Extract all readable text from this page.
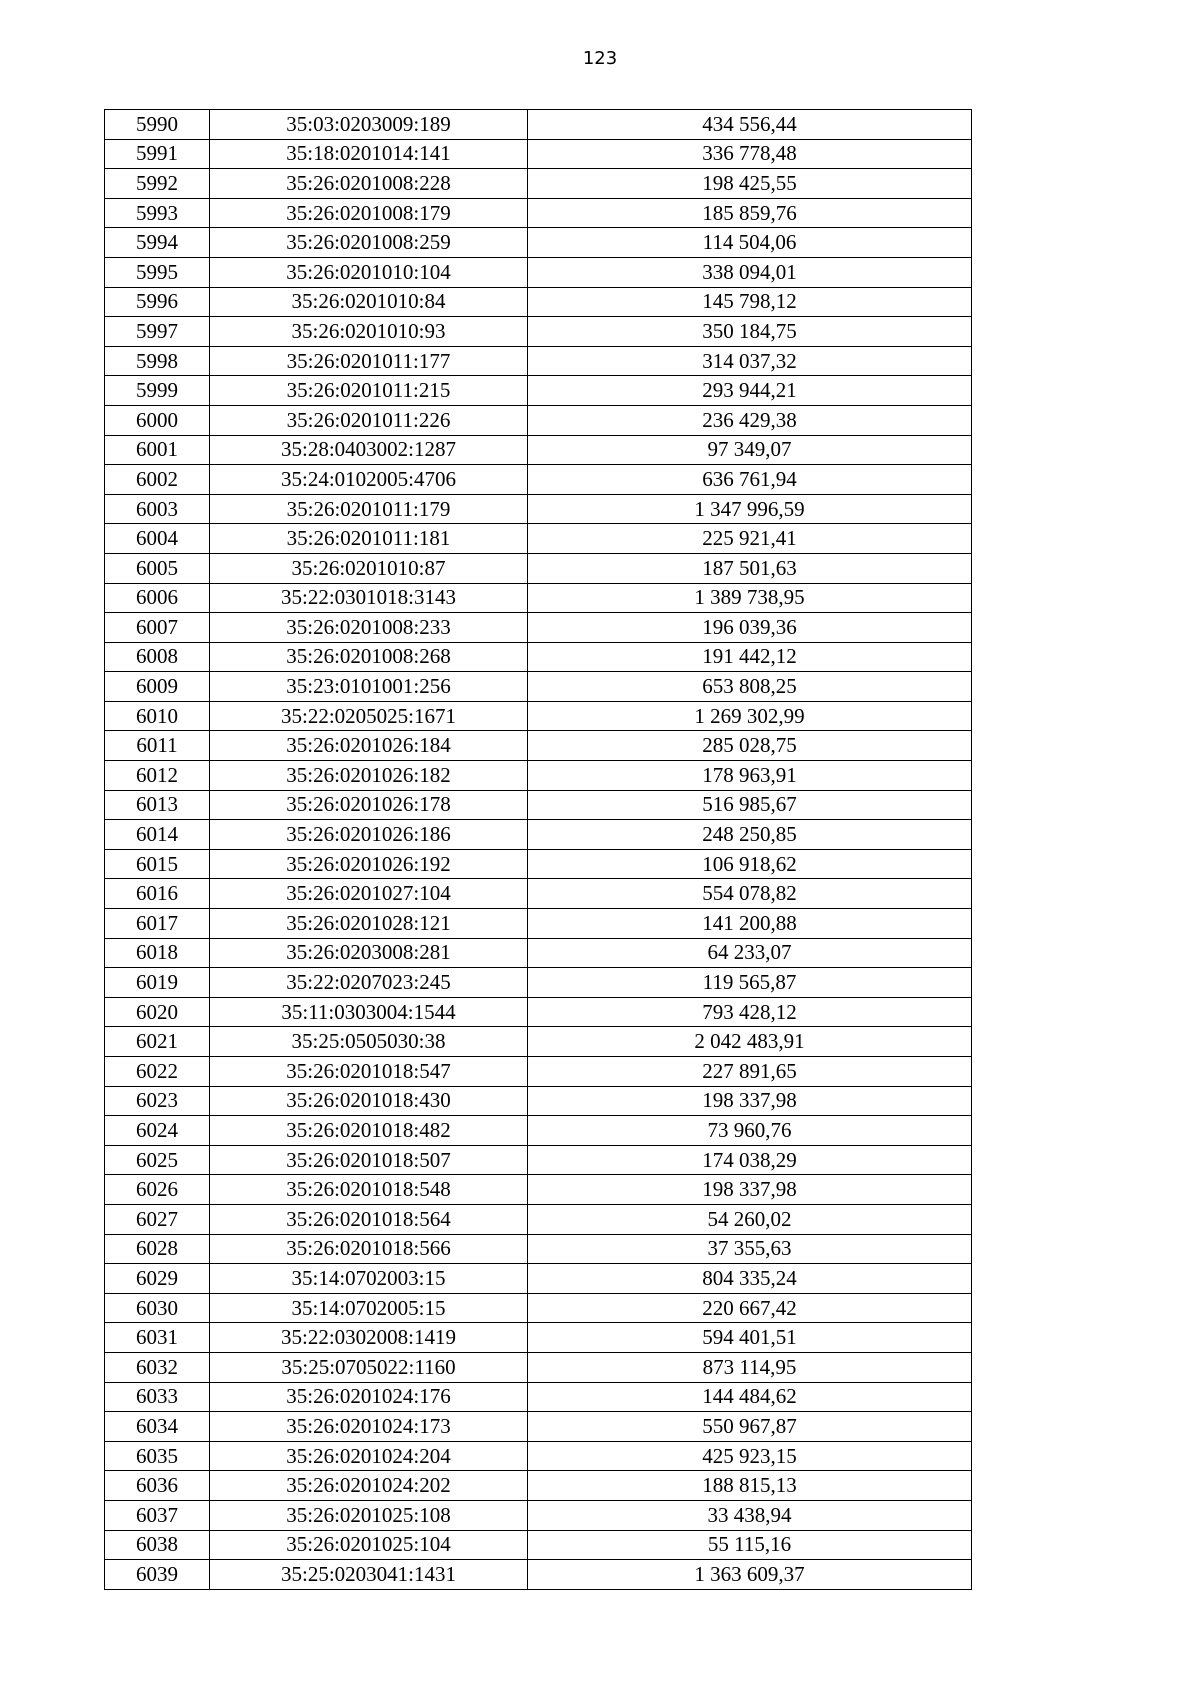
123
5990	35:03:0203009:189	434 556,44
5991	35:18:0201014:141	336 778,48
5992	35:26:0201008:228	198 425,55
5993	35:26:0201008:179	185 859,76
5994	35:26:0201008:259	114 504,06
5995	35:26:0201010:104	338 094,01
5996	35:26:0201010:84	145 798,12
5997	35:26:0201010:93	350 184,75
5998	35:26:0201011:177	314 037,32
5999	35:26:0201011:215	293 944,21
6000	35:26:0201011:226	236 429,38
6001	35:28:0403002:1287	97 349,07
6002	35:24:0102005:4706	636 761,94
6003	35:26:0201011:179	1 347 996,59
6004	35:26:0201011:181	225 921,41
6005	35:26:0201010:87	187 501,63
6006	35:22:0301018:3143	1 389 738,95
6007	35:26:0201008:233	196 039,36
6008	35:26:0201008:268	191 442,12
6009	35:23:0101001:256	653 808,25
6010	35:22:0205025:1671	1 269 302,99
6011	35:26:0201026:184	285 028,75
6012	35:26:0201026:182	178 963,91
6013	35:26:0201026:178	516 985,67
6014	35:26:0201026:186	248 250,85
6015	35:26:0201026:192	106 918,62
6016	35:26:0201027:104	554 078,82
6017	35:26:0201028:121	141 200,88
6018	35:26:0203008:281	64 233,07
6019	35:22:0207023:245	119 565,87
6020	35:11:0303004:1544	793 428,12
6021	35:25:0505030:38	2 042 483,91
6022	35:26:0201018:547	227 891,65
6023	35:26:0201018:430	198 337,98
6024	35:26:0201018:482	73 960,76
6025	35:26:0201018:507	174 038,29
6026	35:26:0201018:548	198 337,98
6027	35:26:0201018:564	54 260,02
6028	35:26:0201018:566	37 355,63
6029	35:14:0702003:15	804 335,24
6030	35:14:0702005:15	220 667,42
6031	35:22:0302008:1419	594 401,51
6032	35:25:0705022:1160	873 114,95
6033	35:26:0201024:176	144 484,62
6034	35:26:0201024:173	550 967,87
6035	35:26:0201024:204	425 923,15
6036	35:26:0201024:202	188 815,13
6037	35:26:0201025:108	33 438,94
6038	35:26:0201025:104	55 115,16
6039	35:25:0203041:1431	1 363 609,37
